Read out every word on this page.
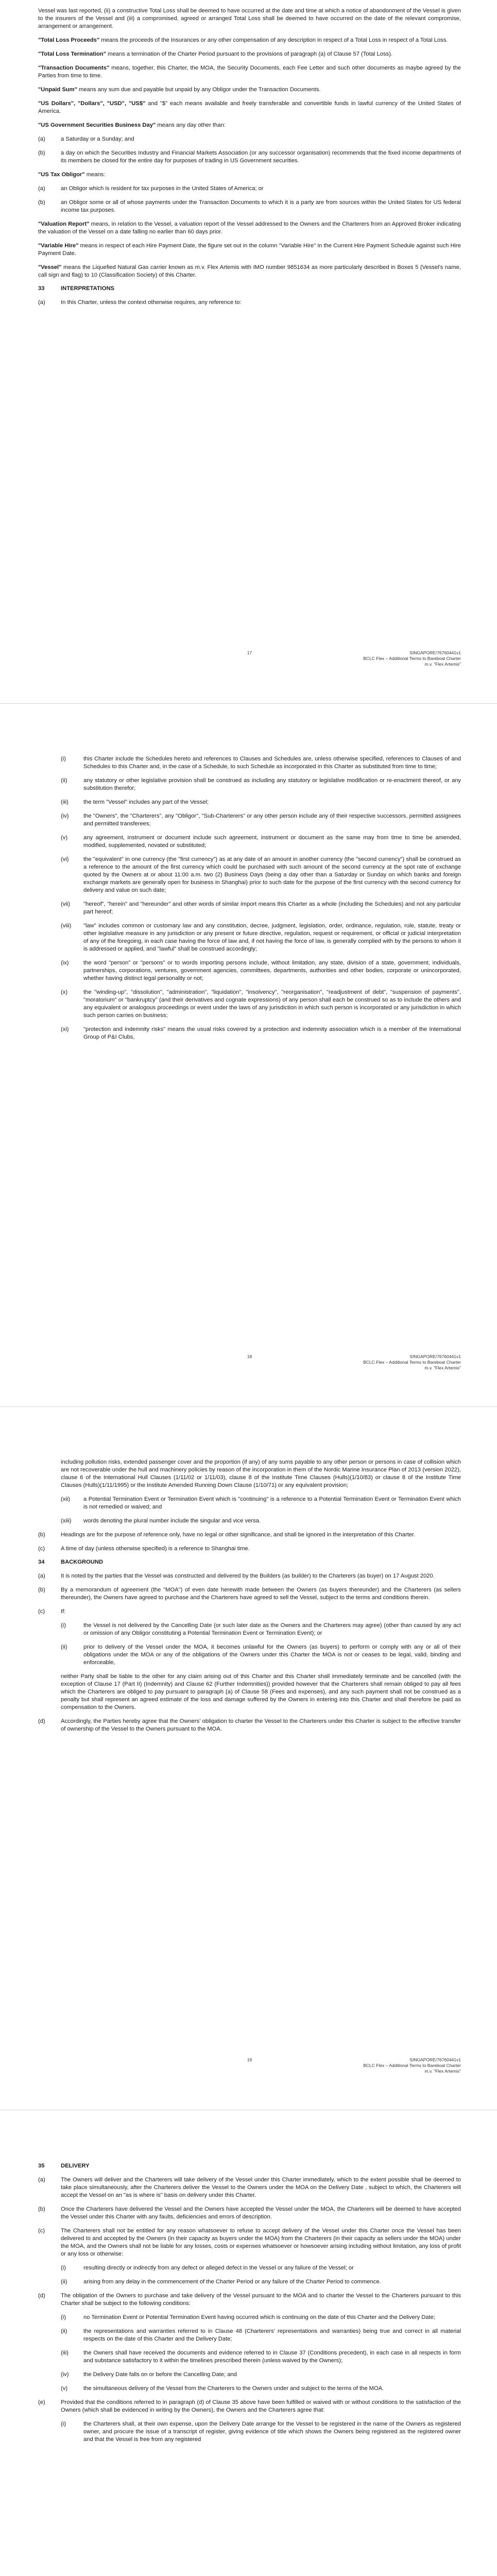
Vessel was last reported, (ii) a constructive Total Loss shall be deemed to have occurred at the date and time at which a notice of abandonment of the Vessel is given to the insurers of the Vessel and (iii) a compromised, agreed or arranged Total Loss shall be deemed to have occurred on the date of the relevant compromise, arrangement or arrangement.

"Total Loss Proceeds" means the proceeds of the Insurances or any other compensation of any description in respect of a Total Loss in respect of a Total Loss.

"Total Loss Termination" means a termination of the Charter Period pursuant to the provisions of paragraph (a) of Clause 57 (Total Loss).

"Transaction Documents" means, together, this Charter, the MOA, the Security Documents, each Fee Letter and such other documents as maybe agreed by the Parties from time to time.

"Unpaid Sum" means any sum due and payable but unpaid by any Obligor under the Transaction Documents.

"US Dollars", "Dollars", "USD", "US$" and "$" each means available and freely transferable and convertible funds in lawful currency of the United States of America.

"US Government Securities Business Day" means any day other than:

(a)	a Saturday or a Sunday; and
(b)	a day on which the Securities Industry and Financial Markets Association (or any successor organisation) recommends that the fixed income departments of its members be closed for the entire day for purposes of trading in US Government securities.

"US Tax Obligor" means:

(a)	an Obligor which is resident for tax purposes in the United States of America; or
(b)	an Obligor some or all of whose payments under the Transaction Documents to which it is a party are from sources within the United States for US federal income tax purposes.

"Valuation Report" means, in relation to the Vessel, a valuation report of the Vessel addressed to the Owners and the Charterers from an Approved Broker indicating the valuation of the Vessel on a date falling no earlier than 60 days prior.

"Variable Hire" means in respect of each Hire Payment Date, the figure set out in the column "Variable Hire" in the Current Hire Payment Schedule against such Hire Payment Date.

"Vessel" means the Liquefied Natural Gas carrier known as m.v. Flex Artemis with IMO number 9851634 as more particularly described in Boxes 5 (Vessel's name, call sign and flag) to 10 (Classification Society) of this Charter.

33	INTERPRETATIONS
(a)	In this Charter, unless the context otherwise requires, any reference to:
17	SINGAPORE/76760441v1
BCLC Flex – Additional Terms to Bareboat Charter
m.v. "Flex Artemis"
(i)	this Charter include the Schedules hereto and references to Clauses and Schedules are, unless otherwise specified, references to Clauses of and Schedules to this Charter and, in the case of a Schedule, to such Schedule as incorporated in this Charter as substituted from time to time;
(ii)	any statutory or other legislative provision shall be construed as including any statutory or legislative modification or re-enactment thereof, or any substitution therefor;
(iii)	the term "Vessel" includes any part of the Vessel;
(iv)	the "Owners", the "Charterers", any "Obligor", "Sub-Charterers" or any other person include any of their respective successors, permitted assignees and permitted transferees;
(v)	any agreement, instrument or document include such agreement, instrument or document as the same may from time to time be amended, modified, supplemented, novated or substituted;
(vi)	the "equivalent" in one currency (the "first currency") as at any date of an amount in another currency (the "second currency") shall be construed as a reference to the amount of the first currency which could be purchased with such amount of the second currency at the spot rate of exchange quoted by the Owners at or about 11:00 a.m. two (2) Business Days (being a day other than a Saturday or Sunday on which banks and foreign exchange markets are generally open for business in Shanghai) prior to such date for the purpose of the first currency with the second currency for delivery and value on such date;
(vii)	"hereof", "herein" and "hereunder" and other words of similar import means this Charter as a whole (including the Schedules) and not any particular part hereof;
(viii)	"law" includes common or customary law and any constitution, decree, judgment, legislation, order, ordinance, regulation, rule, statute, treaty or other legislative measure in any jurisdiction or any present or future directive, regulation, request or requirement, or official or judicial interpretation of any of the foregoing, in each case having the force of law and, if not having the force of law, is generally complied with by the persons to whom it is addressed or applied, and "lawful" shall be construed accordingly;
(ix)	the word "person" or "persons" or to words importing persons include, without limitation, any state, division of a state, government, individuals, partnerships, corporations, ventures, government agencies, committees, departments, authorities and other bodies, corporate or unincorporated, whether having distinct legal personality or not;
(x)	the "winding-up", "dissolution", "administration", "liquidation", "insolvency", "reorganisation", "readjustment of debt", "suspension of payments", "moratorium" or "bankruptcy" (and their derivatives and cognate expressions) of any person shall each be construed so as to include the others and any equivalent or analogous proceedings or event under the laws of any jurisdiction in which such person is incorporated or any jurisdiction in which such person carries on business;
(xi)	"protection and indemnity risks" means the usual risks covered by a protection and indemnity association which is a member of the International Group of P&I Clubs,
18	SINGAPORE/76760441v1
BCLC Flex – Additional Terms to Bareboat Charter
m.v. "Flex Artemis"

including pollution risks, extended passenger cover and the proportion (if any) of any sums payable to any other person or persons in case of collision which are not recoverable under the hull and machinery policies by reason of the incorporation in them of the Nordic Marine Insurance Plan of 2013 (version 2022), clause 6 of the International Hull Clauses (1/11/02 or 1/11/03), clause 8 of the Institute Time Clauses (Hulls)(1/10/83) or clause 8 of the Institute Time Clauses (Hulls)(1/11/1995) or the Institute Amended Running Down Clause (1/10/71) or any equivalent provision;

(xii)	a Potential Termination Event or Termination Event which is "continuing" is a reference to a Potential Termination Event or Termination Event which is not remedied or waived; and
(xiii)	words denoting the plural number include the singular and vice versa.
(b)	Headings are for the purpose of reference only, have no legal or other significance, and shall be ignored in the interpretation of this Charter.
(c)	A time of day (unless otherwise specified) is a reference to Shanghai time.
34	BACKGROUND
(a)	It is noted by the parties that the Vessel was constructed and delivered by the Builders (as builder) to the Charterers (as buyer) on 17 August 2020.
(b)	By a memorandum of agreement (the "MOA") of even date herewith made between the Owners (as buyers thereunder) and the Charterers (as sellers thereunder), the Owners have agreed to purchase and the Charterers have agreed to sell the Vessel, subject to the terms and conditions therein.
(c)	If:
(i)	the Vessel is not delivered by the Cancelling Date (or such later date as the Owners and the Charterers may agree) (other than caused by any act or omission of any Obligor constituting a Potential Termination Event or Termination Event); or
(ii)	prior to delivery of the Vessel under the MOA, it becomes unlawful for the Owners (as buyers) to perform or comply with any or all of their obligations under the MOA or any of the obligations of the Owners under this Charter the MOA is not or ceases to be legal, valid, binding and enforceable,

neither Party shall be liable to the other for any claim arising out of this Charter and this Charter shall immediately terminate and be cancelled (with the exception of Clause 17 (Part II) (Indemnity) and Clause 62 (Further Indemnities)) provided however that the Charterers shall remain obliged to pay all fees which the Charterers are obliged to pay pursuant to paragraph (a) of Clause 58 (Fees and expenses), and any such payment shall not be construed as a penalty but shall represent an agreed estimate of the loss and damage suffered by the Owners in entering into this Charter and shall therefore be paid as compensation to the Owners.

(d)	Accordingly, the Parties hereby agree that the Owners' obligation to charter the Vessel to the Charterers under this Charter is subject to the effective transfer of ownership of the Vessel to the Owners pursuant to the MOA.
19	SINGAPORE/76760441v1
BCLC Flex – Additional Terms to Bareboat Charter
m.v. "Flex Artemis"
35	DELIVERY
(a)	The Owners will deliver and the Charterers will take delivery of the Vessel under this Charter immediately, which to the extent possible shall be deemed to take place simultaneously, after the Charterers deliver the Vessel to the Owners under the MOA on the Delivery Date , subject to which, the Charterers will accept the Vessel on an "as is where is" basis on delivery under this Charter.
(b)	Once the Charterers have delivered the Vessel and the Owners have accepted the Vessel under the MOA, the Charterers will be deemed to have accepted the Vessel under this Charter with any faults, deficiencies and errors of description.
(c)	The Charterers shall not be entitled for any reason whatsoever to refuse to accept delivery of the Vessel under this Charter once the Vessel has been delivered to and accepted by the Owners (in their capacity as buyers under the MOA) from the Charterers (in their capacity as sellers under the MOA) under the MOA, and the Owners shall not be liable for any losses, costs or expenses whatsoever or howsoever arising including without limitation, any loss of profit or any loss or otherwise:
(i)	resulting directly or indirectly from any defect or alleged defect in the Vessel or any failure of the Vessel; or
(ii)	arising from any delay in the commencement of the Charter Period or any failure of the Charter Period to commence.
(d)	The obligation of the Owners to purchase and take delivery of the Vessel pursuant to the MOA and to charter the Vessel to the Charterers pursuant to this Charter shall be subject to the following conditions:
(i)	no Termination Event or Potential Termination Event having occurred which is continuing on the date of this Charter and the Delivery Date;
(ii)	the representations and warranties referred to in Clause 48 (Charterers' representations and warranties) being true and correct in all material respects on the date of this Charter and the Delivery Date;
(iii)	the Owners shall have received the documents and evidence referred to in Clause 37 (Conditions precedent), in each case in all respects in form and substance satisfactory to it within the timelines prescribed therein (unless waived by the Owners);
(iv)	the Delivery Date falls on or before the Cancelling Date; and
(v)	the simultaneous delivery of the Vessel from the Charterers to the Owners under and subject to the terms of the MOA.
(e)	Provided that the conditions referred to in paragraph (d) of Clause 35 above have been fulfilled or waived with or without conditions to the satisfaction of the Owners (which shall be evidenced in writing by the Owners), the Owners and the Charterers agree that:
(i)	the Charterers shall, at their own expense, upon the Delivery Date arrange for the Vessel to be registered in the name of the Owners as registered owner, and procure the issue of a transcript of register, giving evidence of title which shows the Owners being registered as the registered owner and that the Vessel is free from any registered
